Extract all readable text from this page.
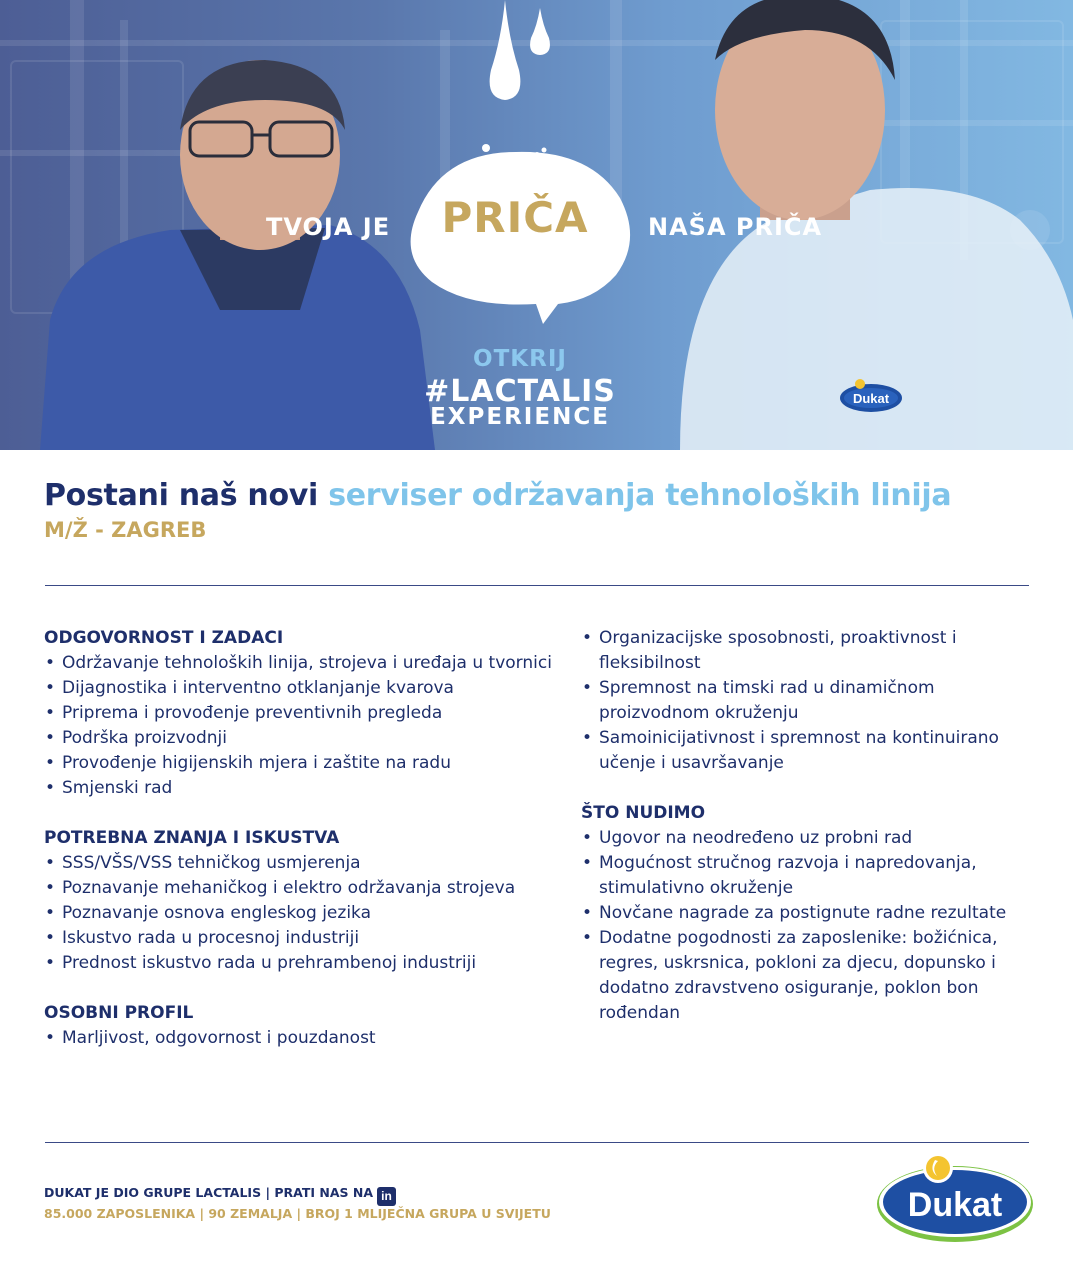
TVOJA JE	PRIČA	NAŠA PRIČA
OTKRIJ
#LACTALIS
EXPERIENCE
Dukat
Postani naš novi serviser održavanja tehnoloških linija
M/Ž - ZAGREB

ODGOVORNOST I ZADACI

• Održavanje tehnoloških linija, strojeva i uređaja u tvornici
• Dijagnostika i interventno otklanjanje kvarova
• Priprema i provođenje preventivnih pregleda
• Podrška proizvodnji
• Provođenje higijenskih mjera i zaštite na radu
• Smjenski rad

POTREBNA ZNANJA I ISKUSTVA

• SSS/VŠS/VSS tehničkog usmjerenja
• Poznavanje mehaničkog i elektro održavanja strojeva
• Poznavanje osnova engleskog jezika
• Iskustvo rada u procesnoj industriji
• Prednost iskustvo rada u prehrambenoj industriji

OSOBNI PROFIL

• Marljivost, odgovornost i pouzdanost
• Organizacijske sposobnosti, proaktivnost i fleksibilnost
• Spremnost na timski rad u dinamičnom proizvodnom okruženju
• Samoinicijativnost i spremnost na kontinuirano učenje i usavršavanje

ŠTO NUDIMO

• Ugovor na neodređeno uz probni rad
• Mogućnost stručnog razvoja i napredovanja, stimulativno okruženje
• Novčane nagrade za postignute radne rezultate
• Dodatne pogodnosti za zaposlenike: božićnica, regres, uskrsnica, pokloni za djecu, dopunsko i dodatno zdravstveno osiguranje, poklon bon rođendan
DUKAT JE DIO GRUPE LACTALIS | PRATI NAS NA in
85.000 ZAPOSLENIKA | 90 ZEMALJA | BROJ 1 MLIJEČNA GRUPA U SVIJETU	Dukat
